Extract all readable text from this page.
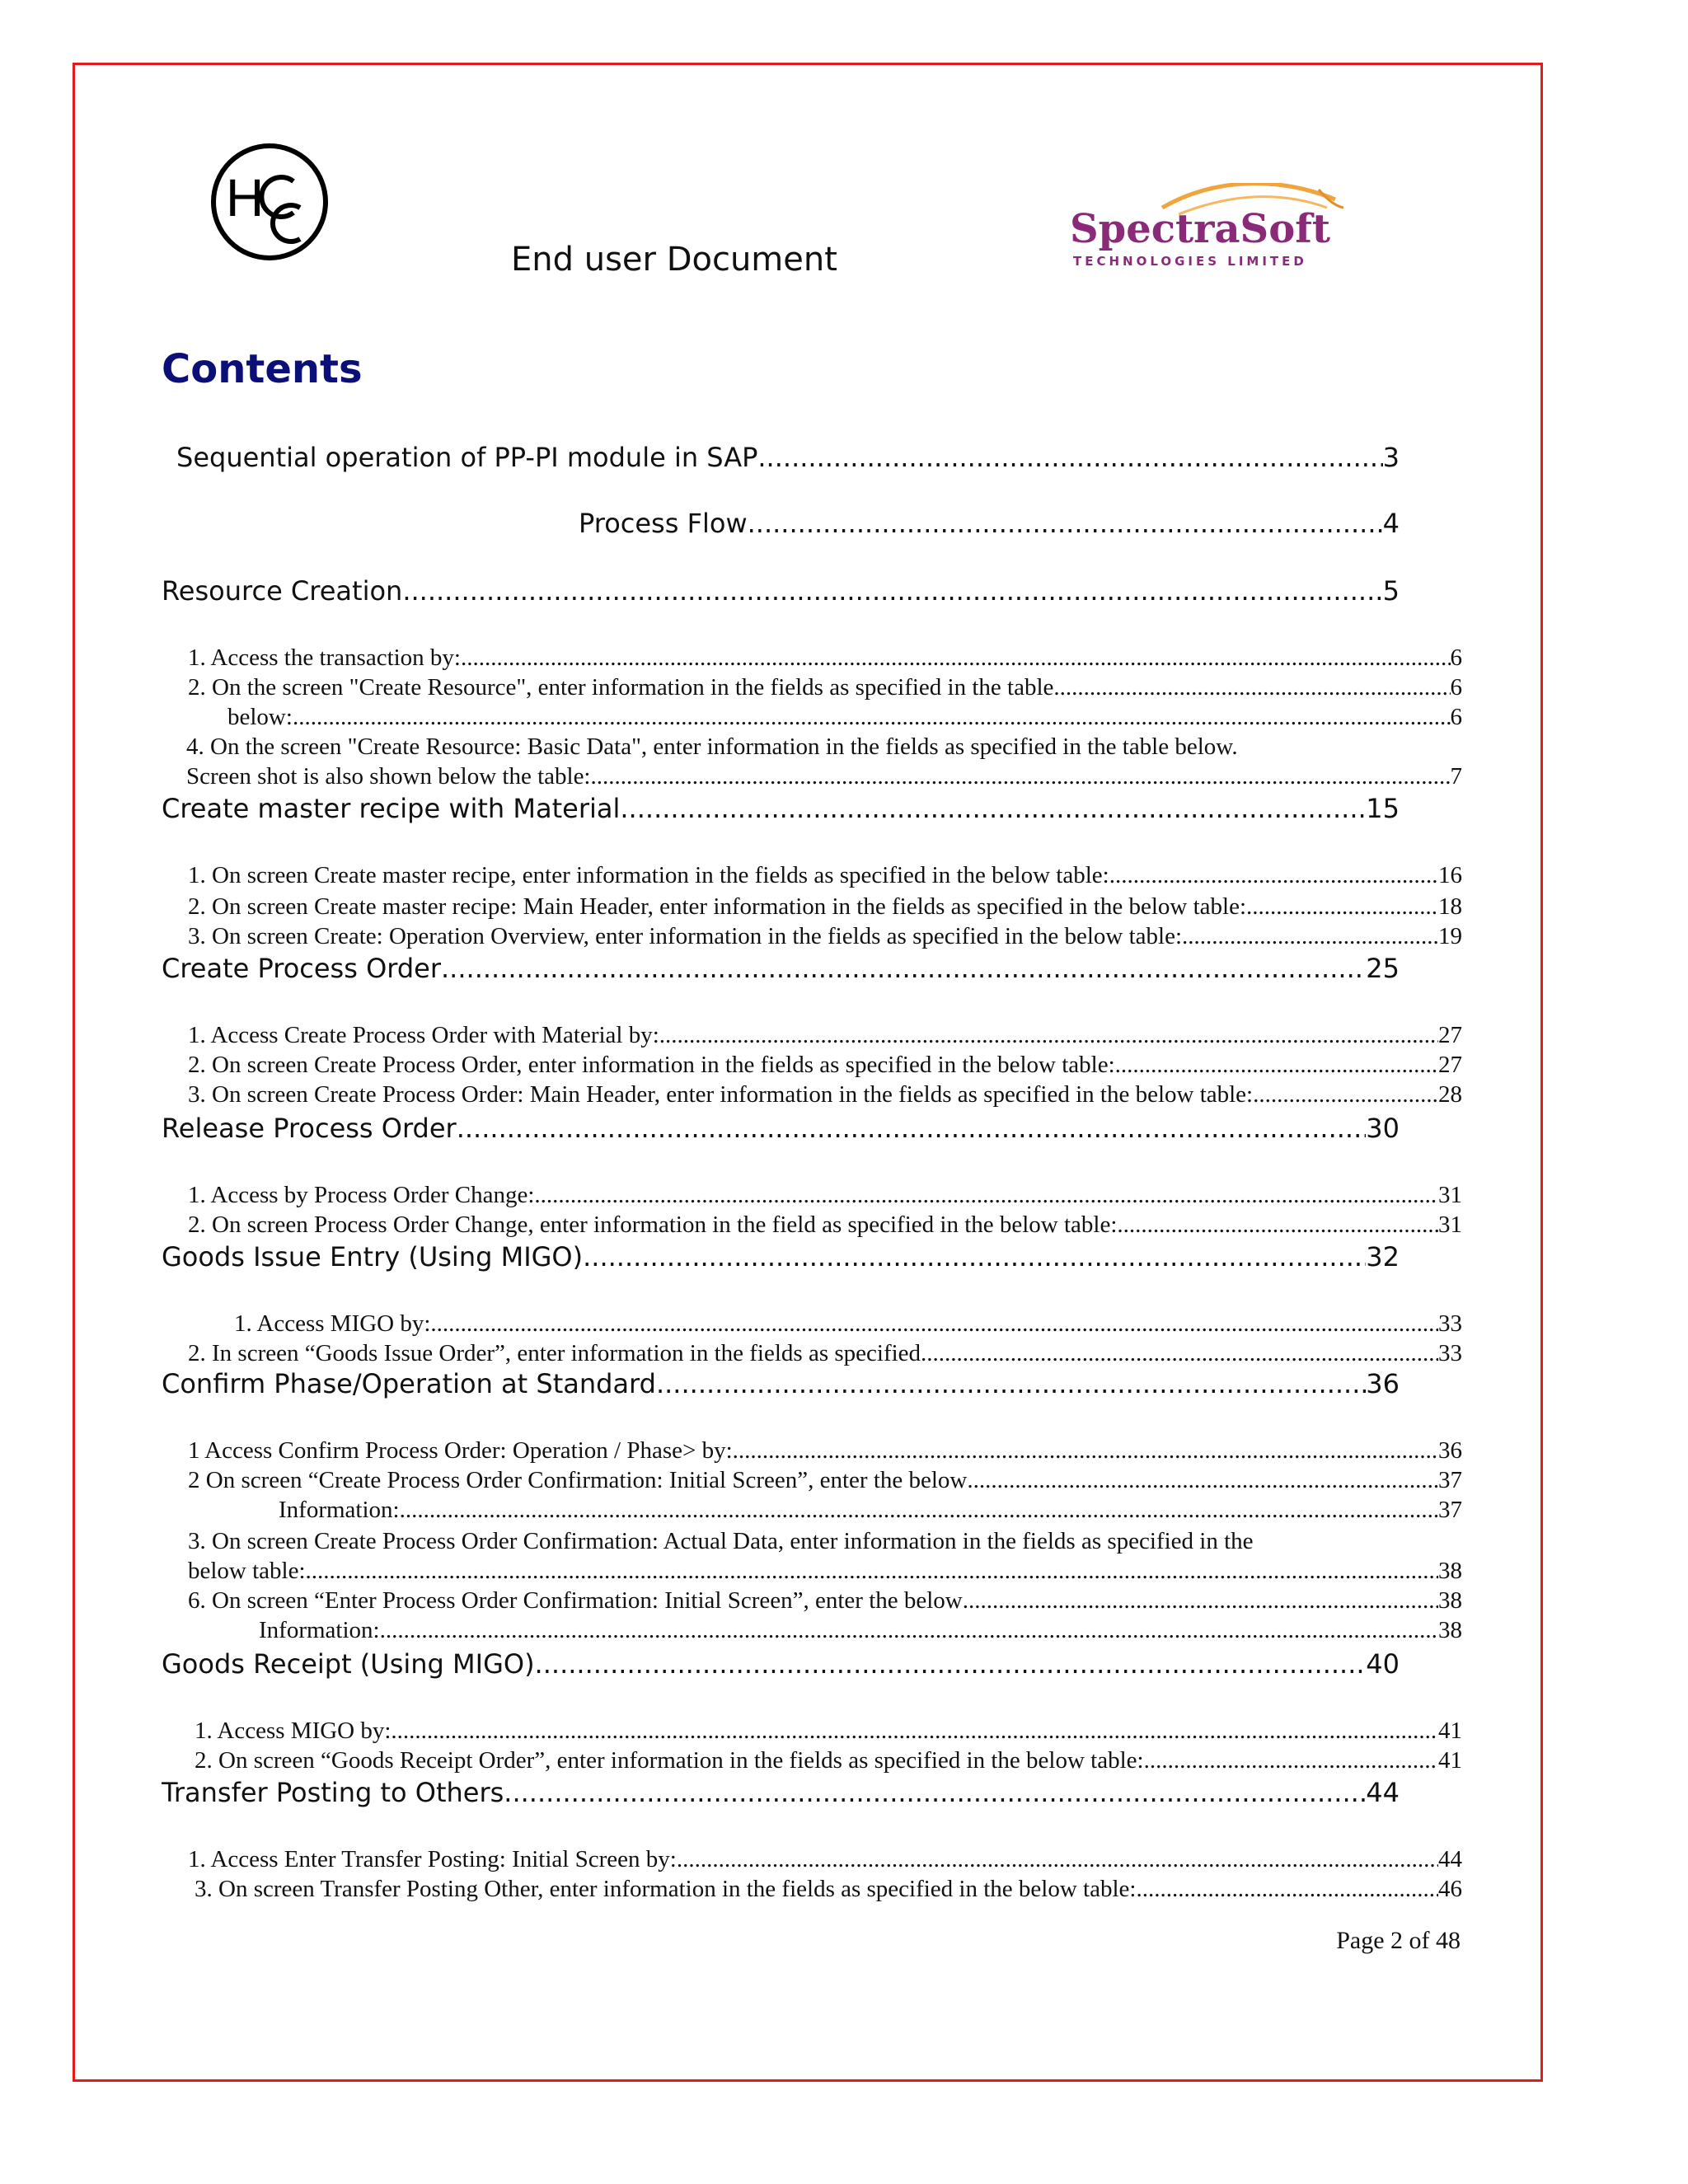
H
SpectraSoft
TECHNOLOGIES LIMITED
End user Document
Contents
Sequential operation of PP-PI module in SAP .....	3
Process Flow .....	4
Resource Creation .....	5
1. Access the transaction by: .....	6
2. On the screen "Create Resource", enter information in the fields as specified in the table .....	6
below: .....	6
4. On the screen "Create Resource: Basic Data", enter information in the fields as specified in the table below.
Screen shot is also shown below the table: .....	7
Create master recipe with Material .....	15
1. On screen Create master recipe, enter information in the fields as specified in the below table: .....	16
2. On screen Create master recipe: Main Header, enter information in the fields as specified in the below table: .....	18
3. On screen Create: Operation Overview, enter information in the fields as specified in the below table: .....	19
Create Process Order .....	25
1. Access Create Process Order with Material by: .....	27
2. On screen Create Process Order, enter information in the fields as specified in the below table: .....	27
3. On screen Create Process Order: Main Header, enter information in the fields as specified in the below table: .....	28
Release Process Order .....	30
1. Access by Process Order Change: .....	31
2. On screen Process Order Change, enter information in the field as specified in the below table: .....	31
Goods Issue Entry (Using MIGO) .....	32
1. Access MIGO by: .....	33
2. In screen “Goods Issue Order”, enter information in the fields as specified .....	33
Confirm Phase/Operation at Standard .....	36
1 Access Confirm Process Order: Operation / Phase> by: .....	36
2 On screen “Create Process Order Confirmation: Initial Screen”, enter the below .....	37
Information: .....	37
3. On screen Create Process Order Confirmation: Actual Data, enter information in the fields as specified in the
below table: .....	38
6. On screen “Enter Process Order Confirmation: Initial Screen”, enter the below .....	38
Information: .....	38
Goods Receipt (Using MIGO) .....	40
1. Access MIGO by: .....	41
2. On screen “Goods Receipt Order”, enter information in the fields as specified in the below table: .....	41
Transfer Posting to Others .....	44
1. Access Enter Transfer Posting: Initial Screen by: .....	44
3. On screen Transfer Posting Other, enter information in the fields as specified in the below table: .....	46
Page 2 of 48
